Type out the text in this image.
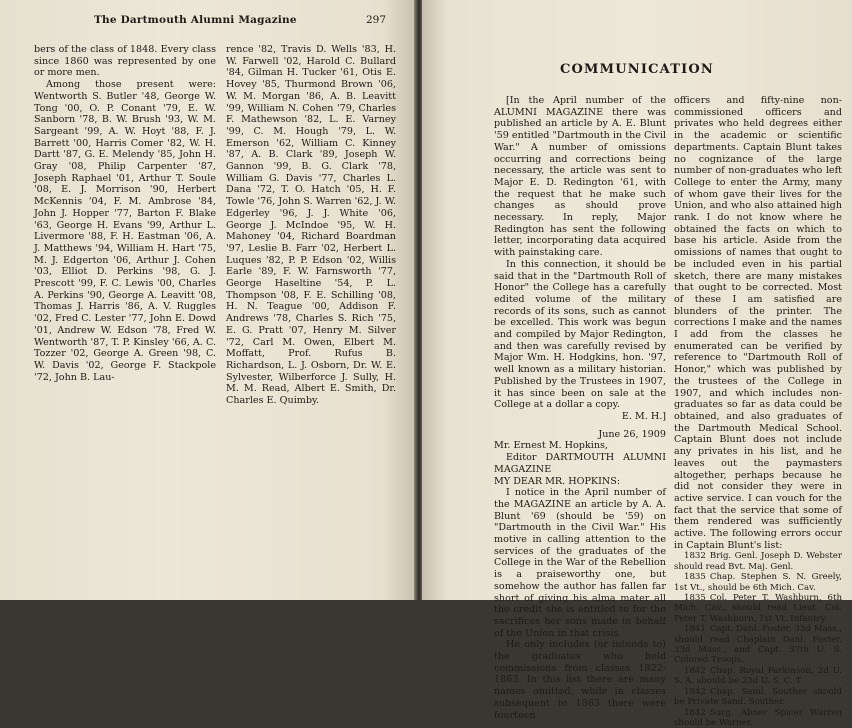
The Dartmouth Alumni Magazine	297

bers of the class of 1848. Every class since 1860 was represented by one or more men.

Among those present were: Wentworth S. Butler '48, George W. Tong '00, O. P. Conant '79, E. W. Sanborn '78, B. W. Brush '93, W. M. Sargeant '99, A. W. Hoyt '88, F. J. Barrett '00, Harris Comer '82, W. H. Dartt '87, G. E. Melendy '85, John H. Gray '08, Philip Carpenter '87, Joseph Raphael '01, Arthur T. Soule '08, E. J. Morrison '90, Herbert McKennis '04, F. M. Ambrose '84, John J. Hopper '77, Barton F. Blake '63, George H. Evans '99, Arthur L. Livermore '88, F. H. Eastman '06, A. J. Matthews '94, William H. Hart '75, M. J. Edgerton '06, Arthur J. Cohen '03, Elliot D. Perkins '98, G. J. Prescott '99, F. C. Lewis '00, Charles A. Perkins '90, George A. Leavitt '08, Thomas J. Harris '86, A. V. Ruggles '02, Fred C. Lester '77, John E. Dowd '01, Andrew W. Edson '78, Fred W. Wentworth '87, T. P. Kinsley '66, A. C. Tozzer '02, George A. Green '98, C. W. Davis '02, George F. Stackpole '72, John B. Lau-

rence '82, Travis D. Wells '83, H. W. Farwell '02, Harold C. Bullard '84, Gilman H. Tucker '61, Otis E. Hovey '85, Thurmond Brown '06, W. M. Morgan '86, A. B. Leavitt '99, William N. Cohen '79, Charles F. Mathewson '82, L. E. Varney '99, C. M. Hough '79, L. W. Emerson '62, William C. Kinney '87, A. B. Clark '89, Joseph W. Gannon '99, B. G. Clark '78, William G. Davis '77, Charles L. Dana '72, T. O. Hatch '05, H. F. Towle '76, John S. Warren '62, J. W. Edgerley '96, J. J. White '06, George J. McIndoe '95, W. H. Mahoney '04, Richard Boardman '97, Leslie B. Farr '02, Herbert L. Luques '82, P. P. Edson '02, Willis Earle '89, F. W. Farnsworth '77, George Haseltine '54, P. L. Thompson '08, F. E. Schilling '08, H. N. Teague '00, Addison F. Andrews '78, Charles S. Rich '75, E. G. Pratt '07, Henry M. Silver '72, Carl M. Owen, Elbert M. Moffatt, Prof. Rufus B. Richardson, L. J. Osborn, Dr. W. E. Sylvester, Wilberforce J. Sully, H. M. M. Read, Albert E. Smith, Dr. Charles E. Quimby.

COMMUNICATION

[In the April number of the ALUMNI MAGAZINE there was published an article by A. E. Blunt '59 entitled "Dartmouth in the Civil War." A number of omissions occurring and corrections being necessary, the article was sent to Major E. D. Redington '61, with the request that he make such changes as should prove necessary. In reply, Major Redington has sent the following letter, incorporating data acquired with painstaking care.

In this connection, it should be said that in the "Dartmouth Roll of Honor" the College has a carefully edited volume of the military records of its sons, such as cannot be excelled. This work was begun and compiled by Major Redington, and then was carefully revised by Major Wm. H. Hodgkins, hon. '97, well known as a military historian. Published by the Trustees in 1907, it has since been on sale at the College at a dollar a copy.

E. M. H.]

June 26, 1909

Mr. Ernest M. Hopkins,

Editor DARTMOUTH ALUMNI MAGAZINE

MY DEAR MR. HOPKINS:

I notice in the April number of the MAGAZINE an article by A. A. Blunt '69 (should be '59) on "Dartmouth in the Civil War." His motive in calling attention to the services of the graduates of the College in the War of the Rebellion is a praiseworthy one, but somehow the author has fallen far short of giving his alma mater all the credit she is entitled to for the sacrifices her sons made in behalf of the Union in that crisis.

He only includes (or intends to) the graduates who held commissions from classes 1822-1863. In this list there are many names omitted, while in classes subsequent to 1863 there were fourteen

officers and fifty-nine non-commissioned officers and privates who held degrees either in the academic or scientific departments. Captain Blunt takes no cognizance of the large number of non-graduates who left College to enter the Army, many of whom gave their lives for the Union, and who also attained high rank. I do not know where he obtained the facts on which to base his article. Aside from the omissions of names that ought to be included even in his partial sketch, there are many mistakes that ought to be corrected. Most of these I am satisfied are blunders of the printer. The corrections I make and the names I add from the classes he enumerated can be verified by reference to "Dartmouth Roll of Honor," which was published by the trustees of the College in 1907, and which includes non-graduates so far as data could be obtained, and also graduates of the Dartmouth Medical School. Captain Blunt does not include any privates in his list, and he leaves out the paymasters altogether, perhaps because he did not consider they were in active service. I can vouch for the fact that the service that some of them rendered was sufficiently active. The following errors occur in Captain Blunt's list:

1832 Brig. Genl. Joseph D. Webster should read Bvt. Maj. Genl.

1835 Chap. Stephen S. N. Greely, 1st Vt., should be 6th Mich. Cav.

1835 Col. Peter T. Washburn, 6th Mich. Cav., should read Lieut. Col. Peter T. Washburn, 1st Vt. Infantry.

1841 Capt. Danl. Foster, 33d Mass., should read Chaplain Danl. Foster, 33d Mass., and Capt. 37th U. S. Colored Troops.

1842 Chap. Royal Parkinson, 2d U. S. A. should be 23d U. S. C. T.

1842 Chap. Saml. Souther should be Private Saml. Souther.

1842 Surg. Abner Spicer Warren should be Warner.
